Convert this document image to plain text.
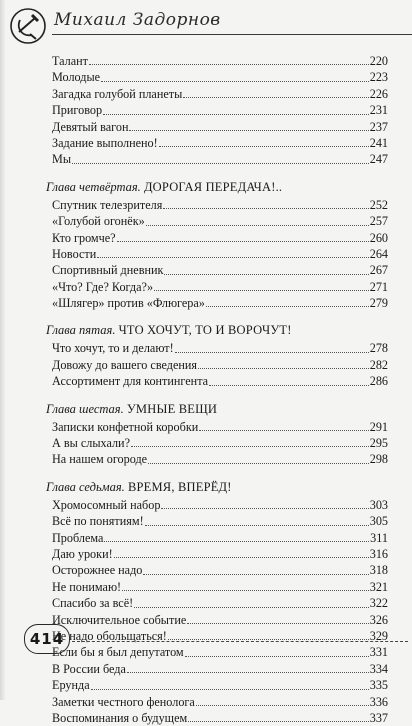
Михаил Задорнов
Талант	220
Молодые	223
Загадка голубой планеты	226
Приговор	231
Девятый вагон	237
Задание выполнено!	241
Мы	247
Глава четвёртая. ДОРОГАЯ ПЕРЕДАЧА!..
Спутник телезрителя	252
«Голубой огонёк»	257
Кто громче?	260
Новости	264
Спортивный дневник	267
«Что? Где? Когда?»	271
«Шлягер» против «Флюгера»	279
Глава пятая. ЧТО ХОЧУТ, ТО И ВОРОЧУТ!
Что хочут, то и делают!	278
Довожу до вашего сведения	282
Ассортимент для контингента	286
Глава шестая. УМНЫЕ ВЕЩИ
Записки конфетной коробки	291
А вы слыхали?	295
На нашем огороде	298
Глава седьмая. ВРЕМЯ, ВПЕРЁД!
Хромосомный набор	303
Всё по понятиям!	305
Проблема	311
Даю уроки!	316
Осторожнее надо	318
Не понимаю!	321
Спасибо за всё!	322
Исключительное событие	326
Не надо обольщаться!	329
Если бы я был депутатом	331
В России беда	334
Ерунда	335
Заметки честного фенолога	336
Воспоминания о будущем	337
414
